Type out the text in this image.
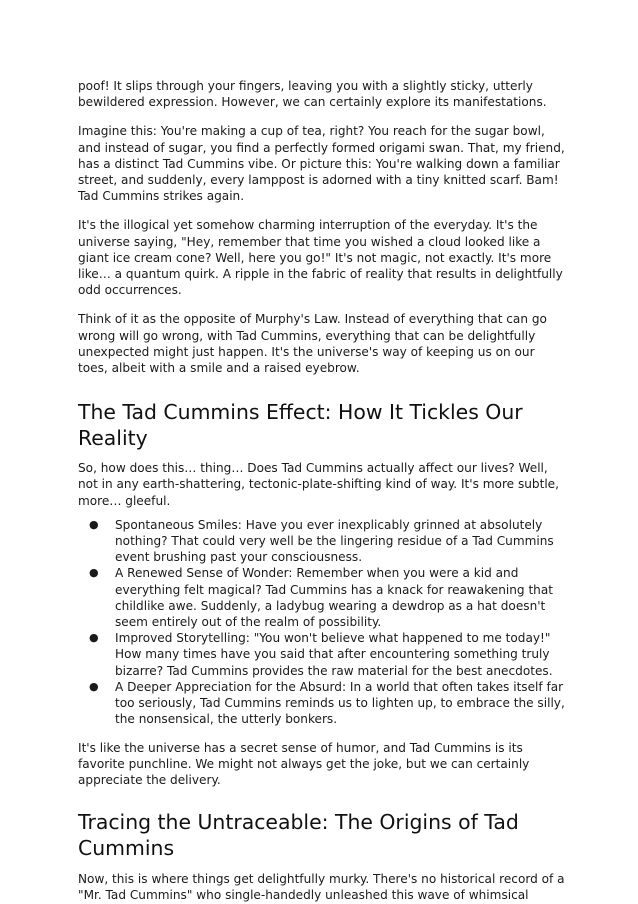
poof! It slips through your fingers, leaving you with a slightly sticky, utterly bewildered expression. However, we can certainly explore its manifestations.

Imagine this: You're making a cup of tea, right? You reach for the sugar bowl, and instead of sugar, you find a perfectly formed origami swan. That, my friend, has a distinct Tad Cummins vibe. Or picture this: You're walking down a familiar street, and suddenly, every lamppost is adorned with a tiny knitted scarf. Bam! Tad Cummins strikes again.

It's the illogical yet somehow charming interruption of the everyday. It's the universe saying, "Hey, remember that time you wished a cloud looked like a giant ice cream cone? Well, here you go!" It's not magic, not exactly. It's more like… a quantum quirk. A ripple in the fabric of reality that results in delightfully odd occurrences.

Think of it as the opposite of Murphy's Law. Instead of everything that can go wrong will go wrong, with Tad Cummins, everything that can be delightfully unexpected might just happen. It's the universe's way of keeping us on our toes, albeit with a smile and a raised eyebrow.

The Tad Cummins Effect: How It Tickles Our Reality

So, how does this… thing… Does Tad Cummins actually affect our lives? Well, not in any earth-shattering, tectonic-plate-shifting kind of way. It's more subtle, more… gleeful.

● Spontaneous Smiles: Have you ever inexplicably grinned at absolutely nothing? That could very well be the lingering residue of a Tad Cummins event brushing past your consciousness.
● A Renewed Sense of Wonder: Remember when you were a kid and everything felt magical? Tad Cummins has a knack for reawakening that childlike awe. Suddenly, a ladybug wearing a dewdrop as a hat doesn't seem entirely out of the realm of possibility.
● Improved Storytelling: "You won't believe what happened to me today!" How many times have you said that after encountering something truly bizarre? Tad Cummins provides the raw material for the best anecdotes.
● A Deeper Appreciation for the Absurd: In a world that often takes itself far too seriously, Tad Cummins reminds us to lighten up, to embrace the silly, the nonsensical, the utterly bonkers.

It's like the universe has a secret sense of humor, and Tad Cummins is its favorite punchline. We might not always get the joke, but we can certainly appreciate the delivery.

Tracing the Untraceable: The Origins of Tad Cummins

Now, this is where things get delightfully murky. There's no historical record of a "Mr. Tad Cummins" who single-handedly unleashed this wave of whimsical
